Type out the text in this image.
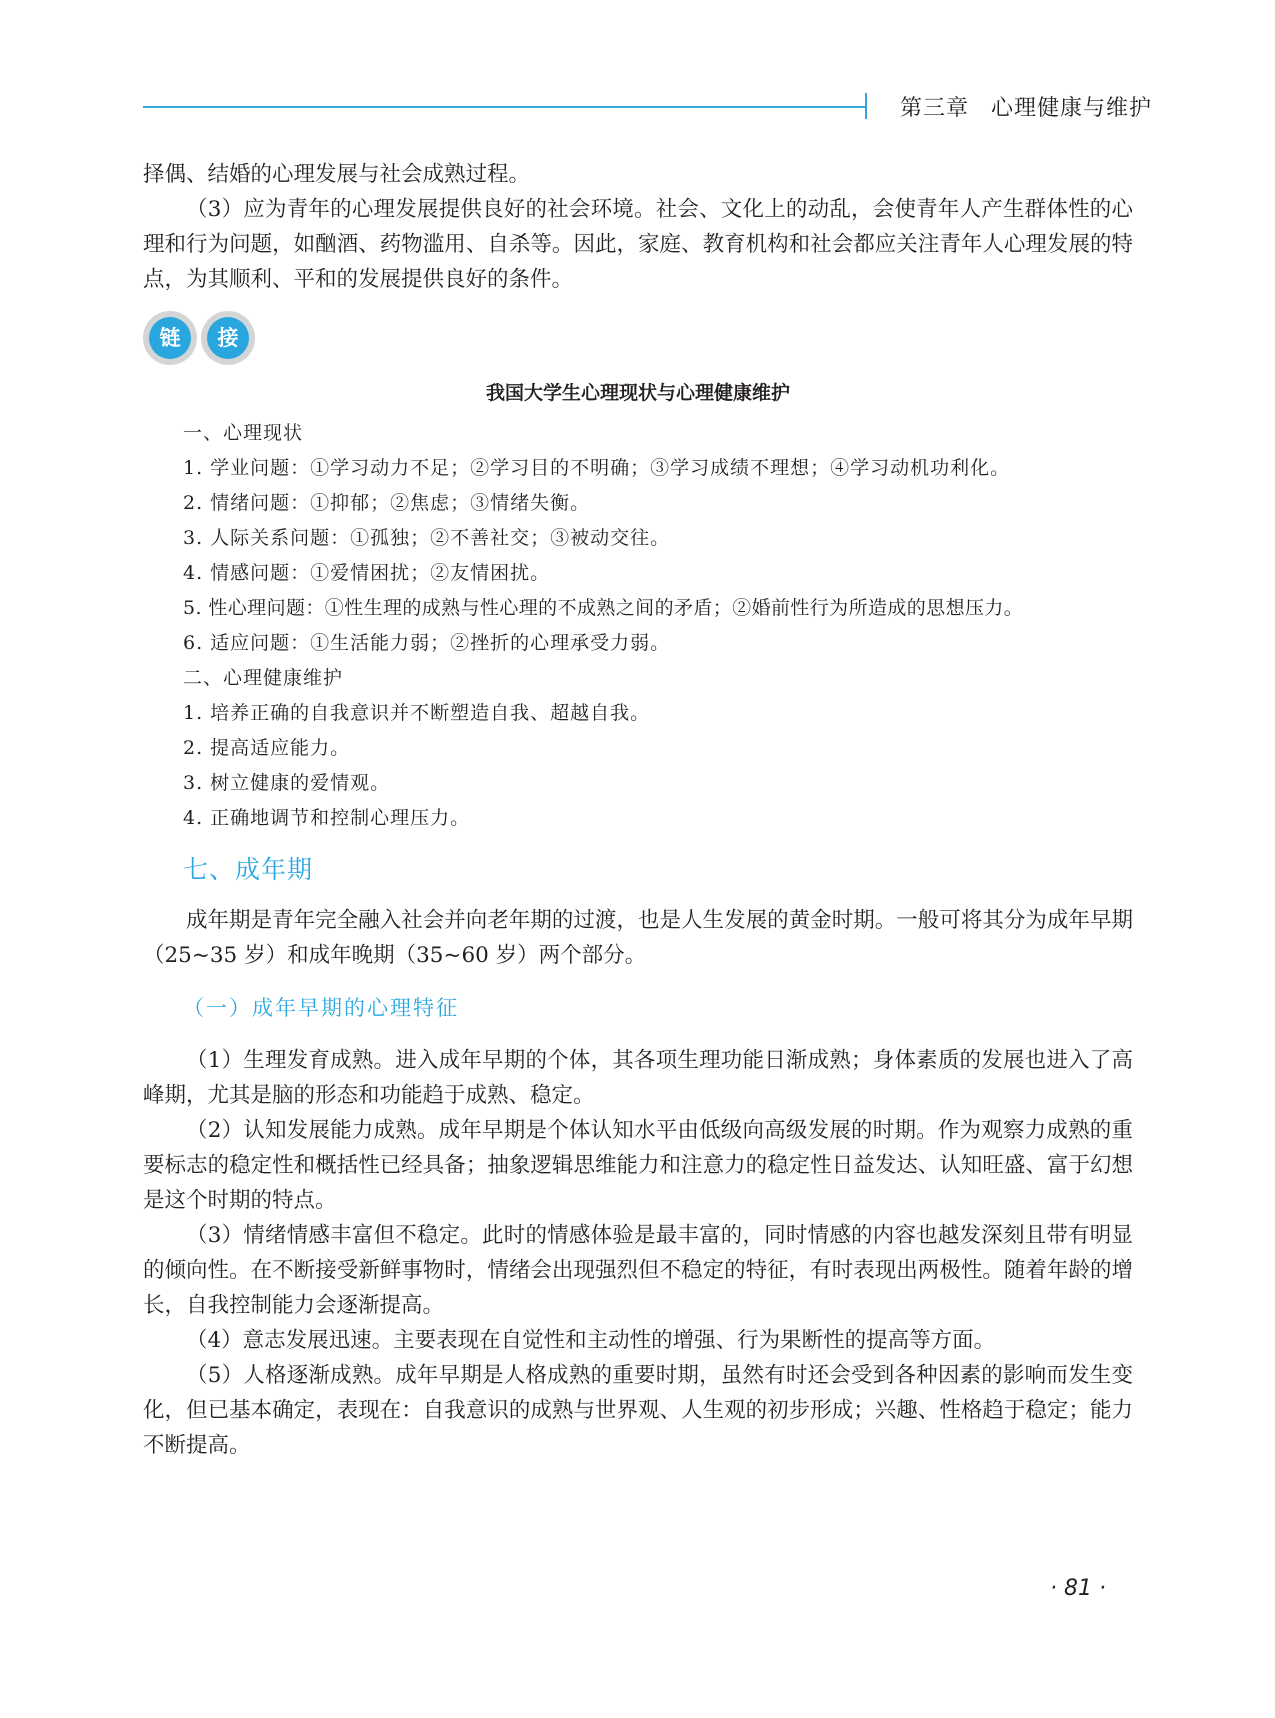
第三章 心理健康与维护

择偶、结婚的心理发展与社会成熟过程。

（3）应为青年的心理发展提供良好的社会环境。社会、文化上的动乱，会使青年人产生群体性的心理和行为问题，如酗酒、药物滥用、自杀等。因此，家庭、教育机构和社会都应关注青年人心理发展的特点，为其顺利、平和的发展提供良好的条件。

链	接
我国大学生心理现状与心理健康维护
一、心理现状
1. 学业问题：①学习动力不足；②学习目的不明确；③学习成绩不理想；④学习动机功利化。
2. 情绪问题：①抑郁；②焦虑；③情绪失衡。
3. 人际关系问题：①孤独；②不善社交；③被动交往。
4. 情感问题：①爱情困扰；②友情困扰。
5. 性心理问题：①性生理的成熟与性心理的不成熟之间的矛盾；②婚前性行为所造成的思想压力。
6. 适应问题：①生活能力弱；②挫折的心理承受力弱。
二、心理健康维护
1. 培养正确的自我意识并不断塑造自我、超越自我。
2. 提高适应能力。
3. 树立健康的爱情观。
4. 正确地调节和控制心理压力。
七、成年期

成年期是青年完全融入社会并向老年期的过渡，也是人生发展的黄金时期。一般可将其分为成年早期（25~35 岁）和成年晚期（35~60 岁）两个部分。

（一）成年早期的心理特征

（1）生理发育成熟。进入成年早期的个体，其各项生理功能日渐成熟；身体素质的发展也进入了高峰期，尤其是脑的形态和功能趋于成熟、稳定。

（2）认知发展能力成熟。成年早期是个体认知水平由低级向高级发展的时期。作为观察力成熟的重要标志的稳定性和概括性已经具备；抽象逻辑思维能力和注意力的稳定性日益发达、认知旺盛、富于幻想是这个时期的特点。

（3）情绪情感丰富但不稳定。此时的情感体验是最丰富的，同时情感的内容也越发深刻且带有明显的倾向性。在不断接受新鲜事物时，情绪会出现强烈但不稳定的特征，有时表现出两极性。随着年龄的增长，自我控制能力会逐渐提高。

（4）意志发展迅速。主要表现在自觉性和主动性的增强、行为果断性的提高等方面。

（5）人格逐渐成熟。成年早期是人格成熟的重要时期，虽然有时还会受到各种因素的影响而发生变化，但已基本确定，表现在：自我意识的成熟与世界观、人生观的初步形成；兴趣、性格趋于稳定；能力不断提高。

· 81 ·
